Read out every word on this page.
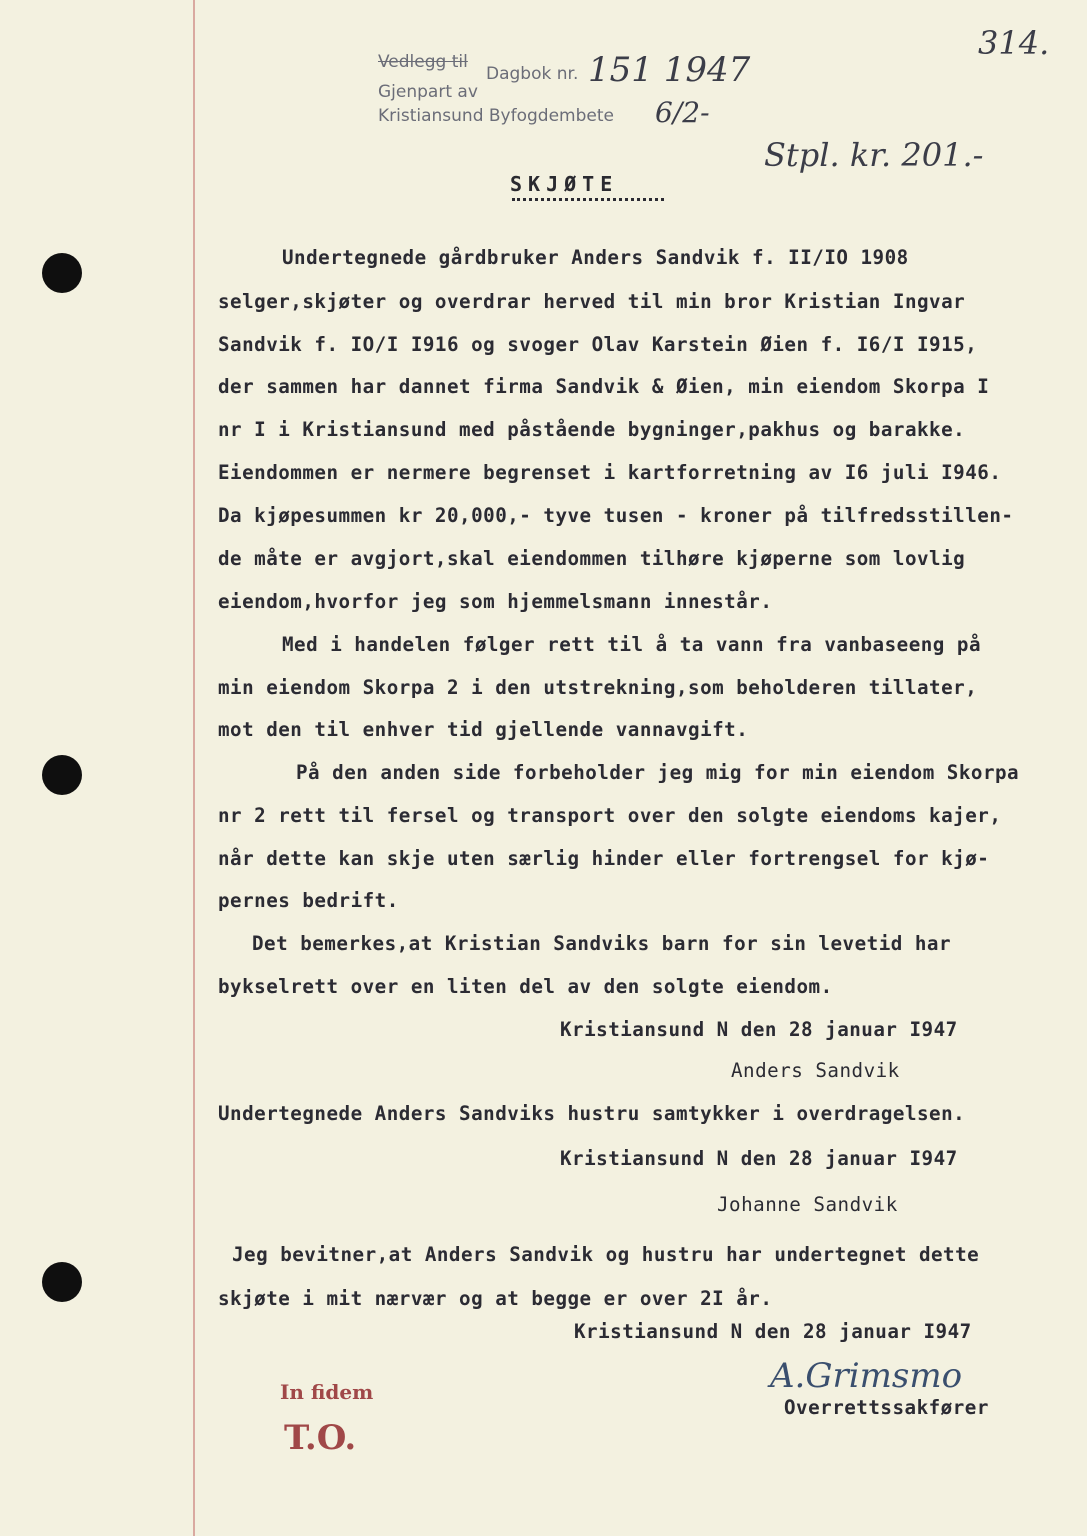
Vedlegg til
Dagbok nr. 151 1947
Gjenpart av
Kristiansund Byfogdembete 6/2-
314.
Stpl. kr. 201.-
SKJØTE
Undertegnede gårdbruker Anders Sandvik f. II/IO 1908
selger,skjøter og overdrar herved til min bror Kristian Ingvar
Sandvik f. IO/I I916 og svoger Olav Karstein Øien f. I6/I I915,
der sammen har dannet firma Sandvik & Øien, min eiendom Skorpa I
nr I i Kristiansund med påstående bygninger,pakhus og barakke.
Eiendommen er nermere begrenset i kartforretning av I6 juli I946.
Da kjøpesummen kr 20,000,- tyve tusen - kroner på tilfredsstillen-
de måte er avgjort,skal eiendommen tilhøre kjøperne som lovlig
eiendom,hvorfor jeg som hjemmelsmann innestår.
Med i handelen følger rett til å ta vann fra vanbaseeng på
min eiendom Skorpa 2 i den utstrekning,som beholderen tillater,
mot den til enhver tid gjellende vannavgift.
På den anden side forbeholder jeg mig for min eiendom Skorpa
nr 2 rett til fersel og transport over den solgte eiendoms kajer,
når dette kan skje uten særlig hinder eller fortrengsel for kjø-
pernes bedrift.
Det bemerkes,at Kristian Sandviks barn for sin levetid har
bykselrett over en liten del av den solgte eiendom.
Kristiansund N den 28 januar I947
Anders Sandvik
Undertegnede Anders Sandviks hustru samtykker i overdragelsen.
Kristiansund N den 28 januar I947
Johanne Sandvik
Jeg bevitner,at Anders Sandvik og hustru har undertegnet dette
skjøte i mit nærvær og at begge er over 2I år.
Kristiansund N den 28 januar I947
A.Grimsmo
Overrettssakfører
In fidem
T.O.
